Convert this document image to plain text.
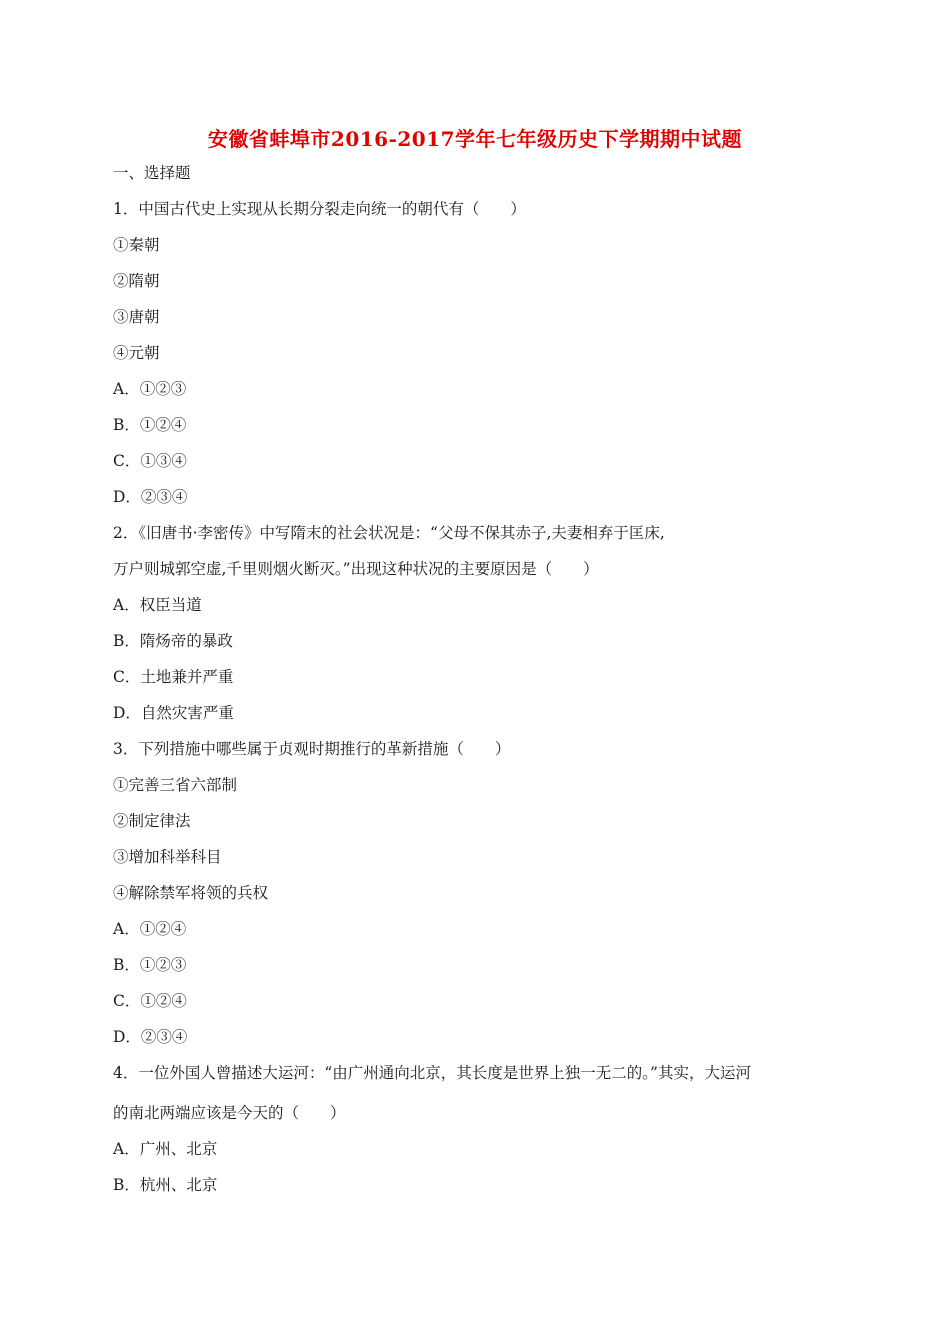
安徽省蚌埠市2016-2017学年七年级历史下学期期中试题
一、选择题
1．中国古代史上实现从长期分裂走向统一的朝代有（　　）
①秦朝
②隋朝
③唐朝
④元朝
A．①②③
B．①②④
C．①③④
D．②③④
2．《旧唐书·李密传》中写隋末的社会状况是：“父母不保其赤子,夫妻相弃于匡床,
万户则城郭空虚,千里则烟火断灭。”出现这种状况的主要原因是（　　）
A．权臣当道
B．隋炀帝的暴政
C．土地兼并严重
D．自然灾害严重
3．下列措施中哪些属于贞观时期推行的革新措施（　　）
①完善三省六部制
②制定律法
③增加科举科目
④解除禁军将领的兵权
A．①②④
B．①②③
C．①②④
D．②③④
4．一位外国人曾描述大运河：“由广州通向北京，其长度是世界上独一无二的。”其实，大运河
的南北两端应该是今天的（　　）
A．广州、北京
B．杭州、北京
